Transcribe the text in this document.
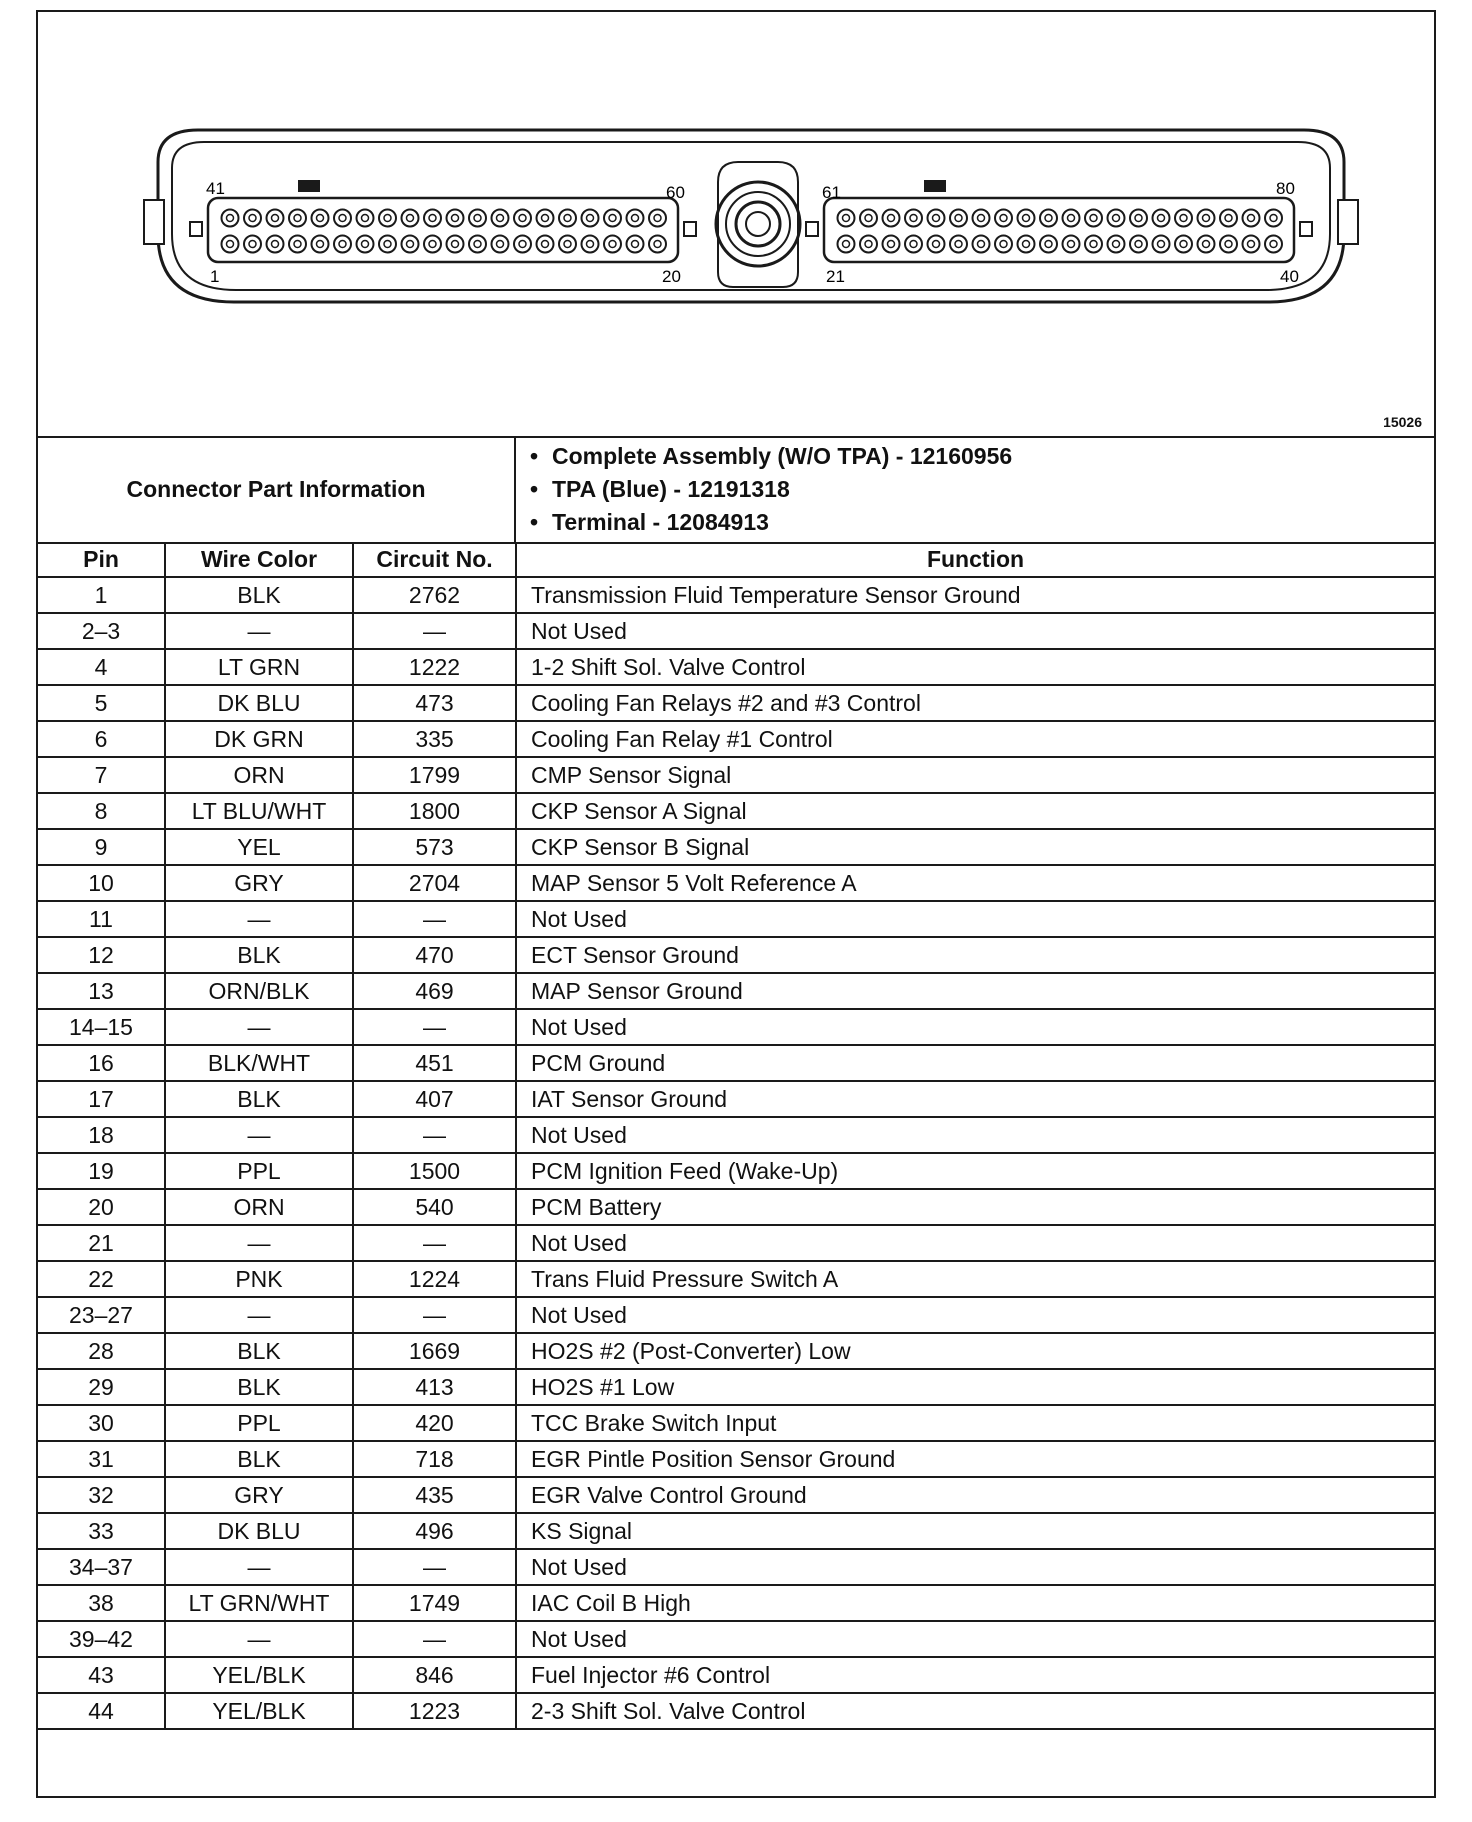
41	60
1	20
61	80
21	40
15026
Connector Part Information
• Complete Assembly (W/O TPA) - 12160956
• TPA (Blue) - 12191318
• Terminal - 12084913
Pin	Wire Color	Circuit No.	Function
1	BLK	2762	Transmission Fluid Temperature Sensor Ground
2–3	—	—	Not Used
4	LT GRN	1222	1-2 Shift Sol. Valve Control
5	DK BLU	473	Cooling Fan Relays #2 and #3 Control
6	DK GRN	335	Cooling Fan Relay #1 Control
7	ORN	1799	CMP Sensor Signal
8	LT BLU/WHT	1800	CKP Sensor A Signal
9	YEL	573	CKP Sensor B Signal
10	GRY	2704	MAP Sensor 5 Volt Reference A
11	—	—	Not Used
12	BLK	470	ECT Sensor Ground
13	ORN/BLK	469	MAP Sensor Ground
14–15	—	—	Not Used
16	BLK/WHT	451	PCM Ground
17	BLK	407	IAT Sensor Ground
18	—	—	Not Used
19	PPL	1500	PCM Ignition Feed (Wake-Up)
20	ORN	540	PCM Battery
21	—	—	Not Used
22	PNK	1224	Trans Fluid Pressure Switch A
23–27	—	—	Not Used
28	BLK	1669	HO2S #2 (Post-Converter) Low
29	BLK	413	HO2S #1 Low
30	PPL	420	TCC Brake Switch Input
31	BLK	718	EGR Pintle Position Sensor Ground
32	GRY	435	EGR Valve Control Ground
33	DK BLU	496	KS Signal
34–37	—	—	Not Used
38	LT GRN/WHT	1749	IAC Coil B High
39–42	—	—	Not Used
43	YEL/BLK	846	Fuel Injector #6 Control
44	YEL/BLK	1223	2-3 Shift Sol. Valve Control
